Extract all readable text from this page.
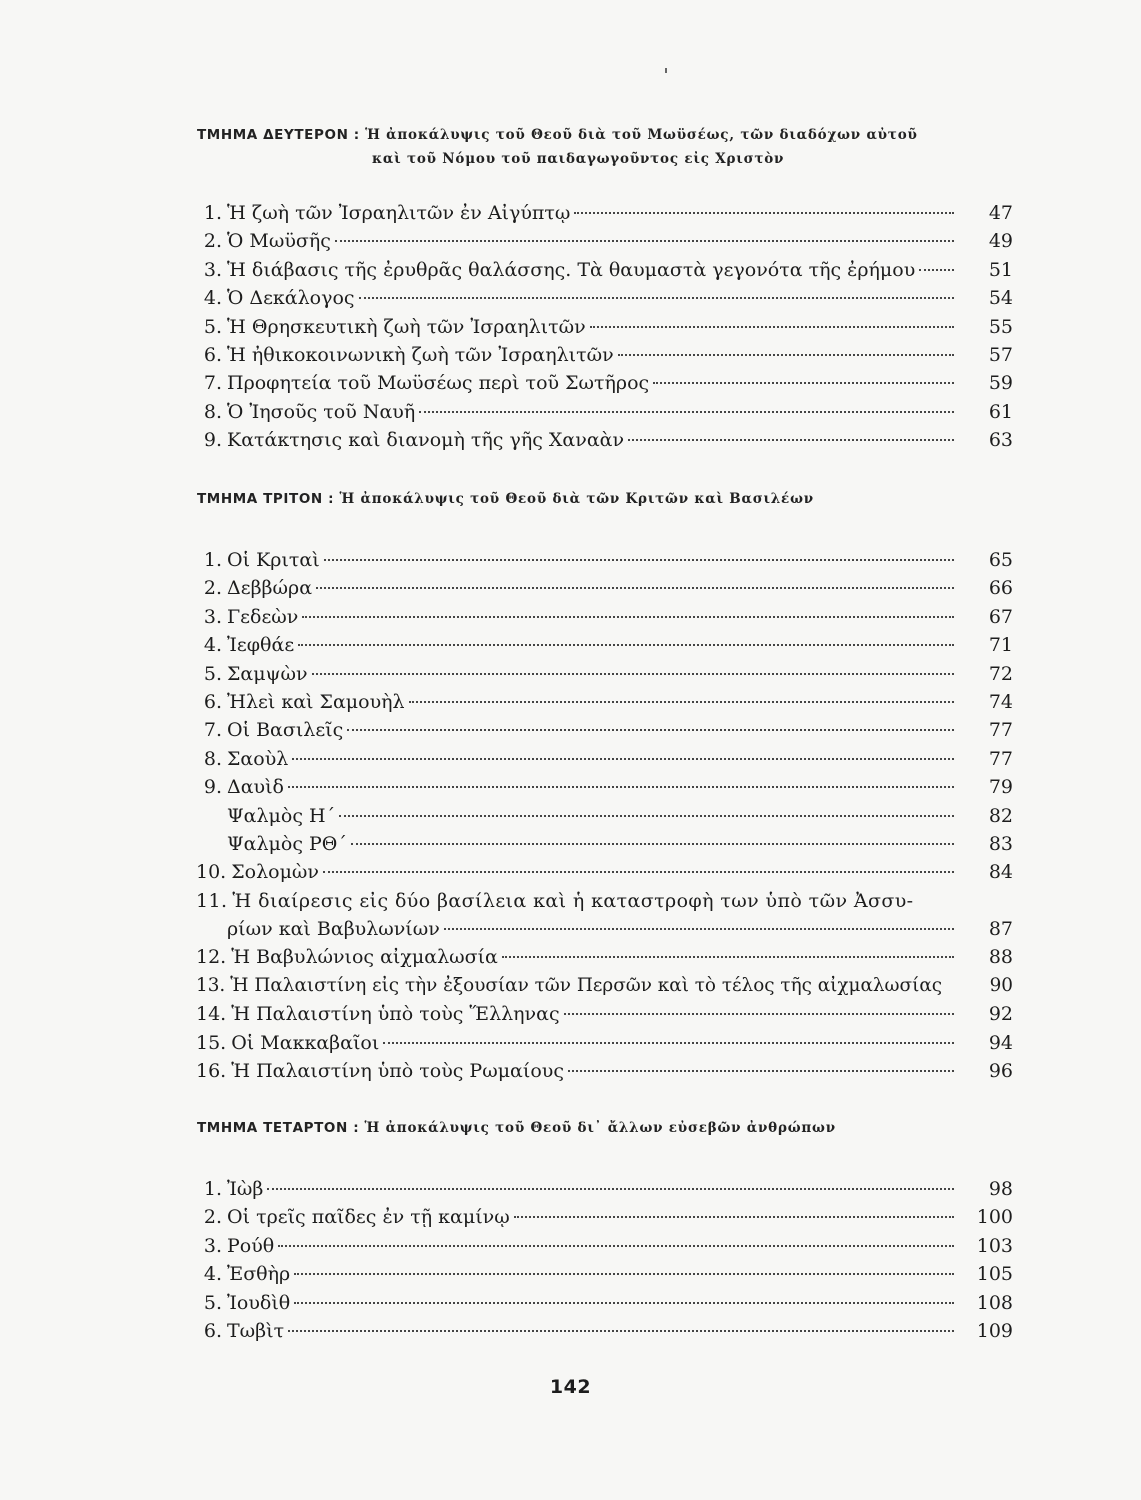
ΤΜΗΜΑ ΔΕΥΤΕΡΟΝ : Ἡ ἀποκάλυψις τοῦ Θεοῦ διὰ τοῦ Μωϋσέως, τῶν διαδόχων αὐτοῦ
καὶ τοῦ Νόμου τοῦ παιδαγωγοῦντος εἰς Χριστὸν
1. Ἡ ζωὴ τῶν Ἰσραηλιτῶν ἐν Αἰγύπτῳ	47
2. Ὁ Μωϋσῆς	49
3. Ἡ διάβασις τῆς ἐρυθρᾶς θαλάσσης. Τὰ θαυμαστὰ γεγονότα τῆς ἐρήμου	51
4. Ὁ Δεκάλογος	54
5. Ἡ Θρησκευτικὴ ζωὴ τῶν Ἰσραηλιτῶν	55
6. Ἡ ἠθικοκοινωνικὴ ζωὴ τῶν Ἰσραηλιτῶν	57
7. Προφητεία τοῦ Μωϋσέως περὶ τοῦ Σωτῆρος	59
8. Ὁ Ἰησοῦς τοῦ Ναυῆ	61
9. Κατάκτησις καὶ διανομὴ τῆς γῆς Χαναὰν	63
ΤΜΗΜΑ ΤΡΙΤΟΝ : Ἡ ἀποκάλυψις τοῦ Θεοῦ διὰ τῶν Κριτῶν καὶ Βασιλέων
1. Οἱ Κριταὶ	65
2. Δεββώρα	66
3. Γεδεὼν	67
4. Ἰεφθάε	71
5. Σαμψὼν	72
6. Ἠλεὶ καὶ Σαμουὴλ	74
7. Οἱ Βασιλεῖς	77
8. Σαοὺλ	77
9. Δαυὶδ	79
Ψαλμὸς Η΄	82
Ψαλμὸς ΡΘ΄	83
10. Σολομὼν	84
11. Ἡ διαίρεσις εἰς δύο βασίλεια καὶ ἡ καταστροφὴ των ὑπὸ τῶν Ἀσσυ-
ρίων καὶ Βαβυλωνίων	87
12. Ἡ Βαβυλώνιος αἰχμαλωσία	88
13. Ἡ Παλαιστίνη εἰς τὴν ἐξουσίαν τῶν Περσῶν καὶ τὸ τέλος τῆς αἰχμαλωσίας	90
14. Ἡ Παλαιστίνη ὑπὸ τοὺς Ἕλληνας	92
15. Οἱ Μακκαβαῖοι	94
16. Ἡ Παλαιστίνη ὑπὸ τοὺς Ρωμαίους	96
ΤΜΗΜΑ ΤΕΤΑΡΤΟΝ : Ἡ ἀποκάλυψις τοῦ Θεοῦ δι᾽ ἄλλων εὐσεβῶν ἀνθρώπων
1. Ἰὼβ	98
2. Οἱ τρεῖς παῖδες ἐν τῇ καμίνῳ	100
3. Ρούθ	103
4. Ἐσθὴρ	105
5. Ἰουδὶθ	108
6. Τωβὶτ	109
142
